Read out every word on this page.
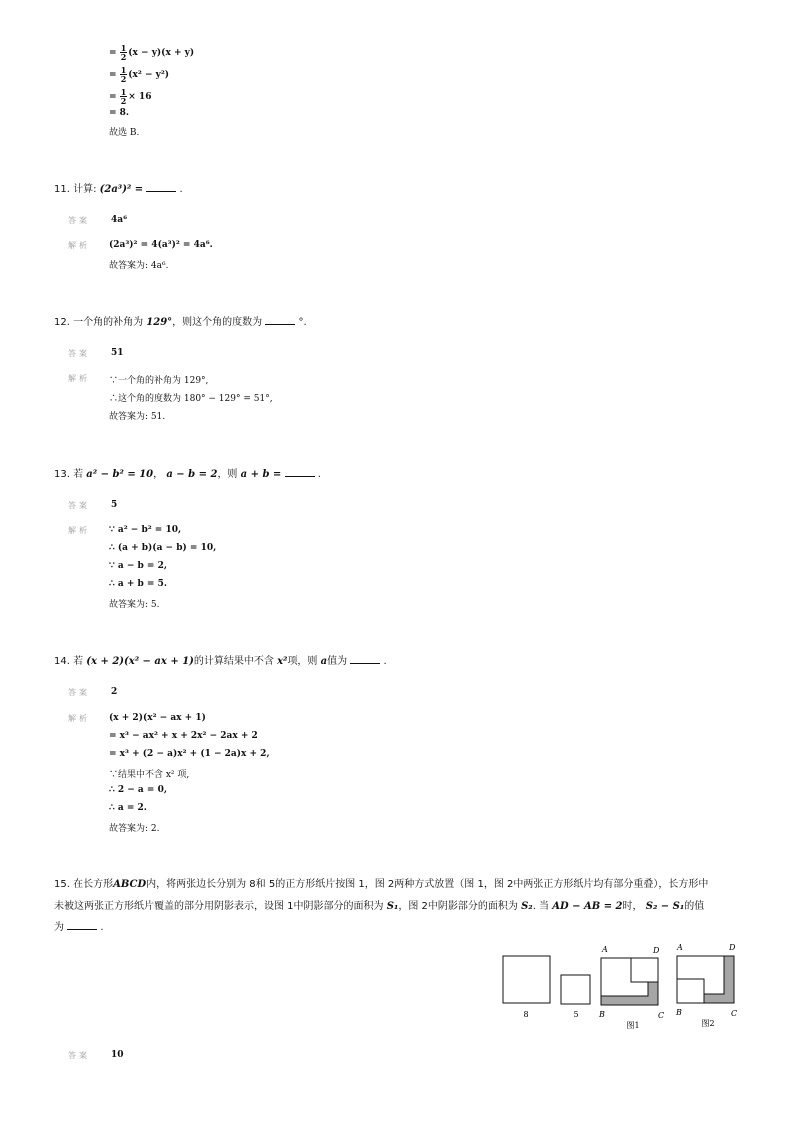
= $\frac{1}{2} (x - y)(x + y)$
= $\frac{1}{2} (x^2 - y^2)$
= $\frac{1}{2} \times 16$
= 8.
故选 B.
11. 计算: (2a³)² =	.
答案 4a⁶
解析 (2a³)² = 4(a³)² = 4a⁶.
故答案为: 4a⁶.
12. 一个角的补角为 129°，则这个角的度数为	°.
答案 51
解析 ∵一个角的补角为 129°,
∴这个角的度数为 180° − 129° = 51°,
故答案为: 51.
13. 若 a² − b² = 10， a − b = 2，则 a + b =	.
答案 5
解析 ∵ a² − b² = 10,
∴ (a + b)(a − b) = 10,
∵ a − b = 2,
∴ a + b = 5.
故答案为: 5.
14. 若 (x + 2)(x² − ax + 1)的计算结果中不含 x²项，则 a值为	.
答案 2
解析 (x + 2)(x² − ax + 1)
= x³ − ax² + x + 2x² − 2ax + 2
= x³ + (2 − a)x² + (1 − 2a)x + 2,
∵结果中不含 x² 项,
∴ 2 − a = 0,
∴ a = 2.
故答案为: 2.
15. 在长方形ABCD内，将两张边长分别为 8和 5的正方形纸片按图 1，图 2两种方式放置（图 1，图 2中两张正方形纸片均有部分重叠），长方形中
未被这两张正方形纸片覆盖的部分用阴影表示，设图 1中阴影部分的面积为 S₁，图 2中阴影部分的面积为 S₂. 当 AD − AB = 2时， S₂ − S₁的值
为	.
8	5
A	D
B	C
图1
A	D
B	C
图2
答案 10
